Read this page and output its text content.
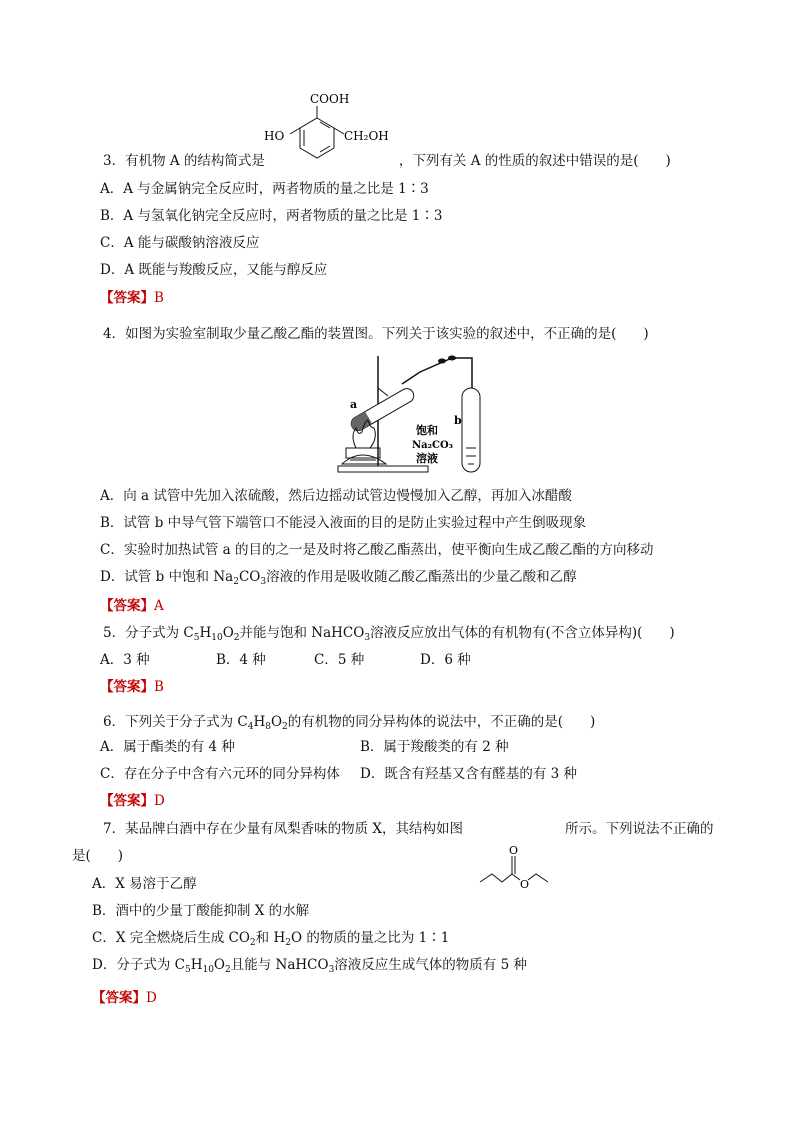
COOH
HO	CH₂OH
3．有机物 A 的结构简式是	，下列有关 A 的性质的叙述中错误的是(　　)
A．A 与金属钠完全反应时，两者物质的量之比是 1∶3
B．A 与氢氧化钠完全反应时，两者物质的量之比是 1∶3
C．A 能与碳酸钠溶液反应
D．A 既能与羧酸反应，又能与醇反应
【答案】B
4．如图为实验室制取少量乙酸乙酯的装置图。下列关于该实验的叙述中，不正确的是(　　)
a
b
饱和
Na₂CO₃
溶液
A．向 a 试管中先加入浓硫酸，然后边摇动试管边慢慢加入乙醇，再加入冰醋酸
B．试管 b 中导气管下端管口不能浸入液面的目的是防止实验过程中产生倒吸现象
C．实验时加热试管 a 的目的之一是及时将乙酸乙酯蒸出，使平衡向生成乙酸乙酯的方向移动
D．试管 b 中饱和 $Na_2CO_3$溶液的作用是吸收随乙酸乙酯蒸出的少量乙酸和乙醇
【答案】A
5．分子式为 $C_5H_{10}O_2$并能与饱和 NaHCO$_3$溶液反应放出气体的有机物有(不含立体异构)(　　)
A．3 种	B．4 种	C．5 种	D．6 种
【答案】B
6．下列关于分子式为 $C_4H_8O_2$的有机物的同分异构体的说法中，不正确的是(　　)
A．属于酯类的有 4 种	B．属于羧酸类的有 2 种
C．存在分子中含有六元环的同分异构体 D．既含有羟基又含有醛基的有 3 种
【答案】D
7．某品牌白酒中存在少量有凤梨香味的物质 X，其结构如图	所示。下列说法不正确的
是(　　)	O
O
A．X 易溶于乙醇
B．酒中的少量丁酸能抑制 X 的水解
C．X 完全燃烧后生成 $CO_2$和 $H_2O$ 的物质的量之比为 1∶1
D．分子式为 $C_5H_{10}O_2$且能与 NaHCO$_3$溶液反应生成气体的物质有 5 种
【答案】D
